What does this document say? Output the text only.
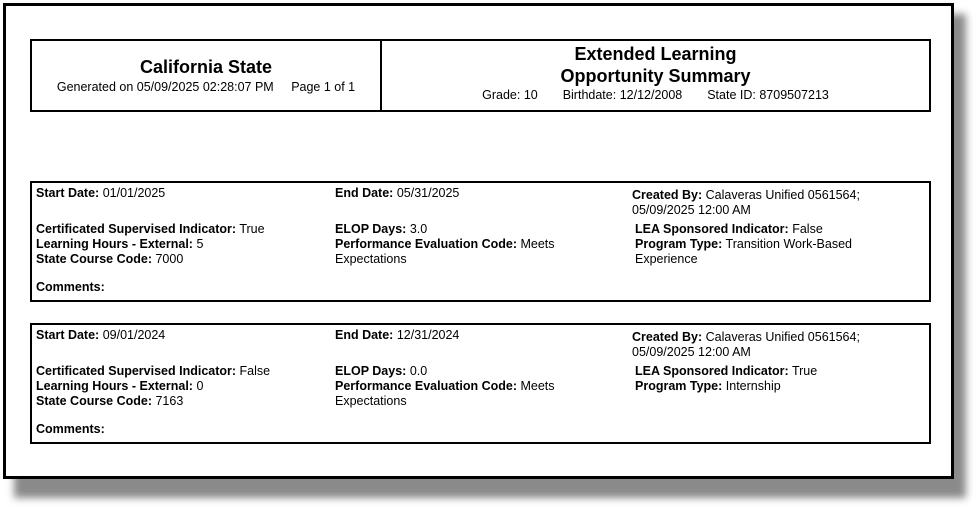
California State
Generated on 05/09/2025 02:28:07 PM Page 1 of 1
Extended Learning
Opportunity Summary
Grade: 10 Birthdate: 12/12/2008 State ID: 8709507213
Start Date: 01/01/2025	End Date: 05/31/2025	Created By: Calaveras Unified 0561564;
05/09/2025 12:00 AM
Certificated Supervised Indicator: True
Learning Hours - External: 5
State Course Code: 7000
ELOP Days: 3.0
Performance Evaluation Code: Meets
Expectations
LEA Sponsored Indicator: False
Program Type: Transition Work-Based
Experience
Comments:
Start Date: 09/01/2024	End Date: 12/31/2024	Created By: Calaveras Unified 0561564;
05/09/2025 12:00 AM
Certificated Supervised Indicator: False
Learning Hours - External: 0
State Course Code: 7163
ELOP Days: 0.0
Performance Evaluation Code: Meets
Expectations
LEA Sponsored Indicator: True
Program Type: Internship
Comments:
